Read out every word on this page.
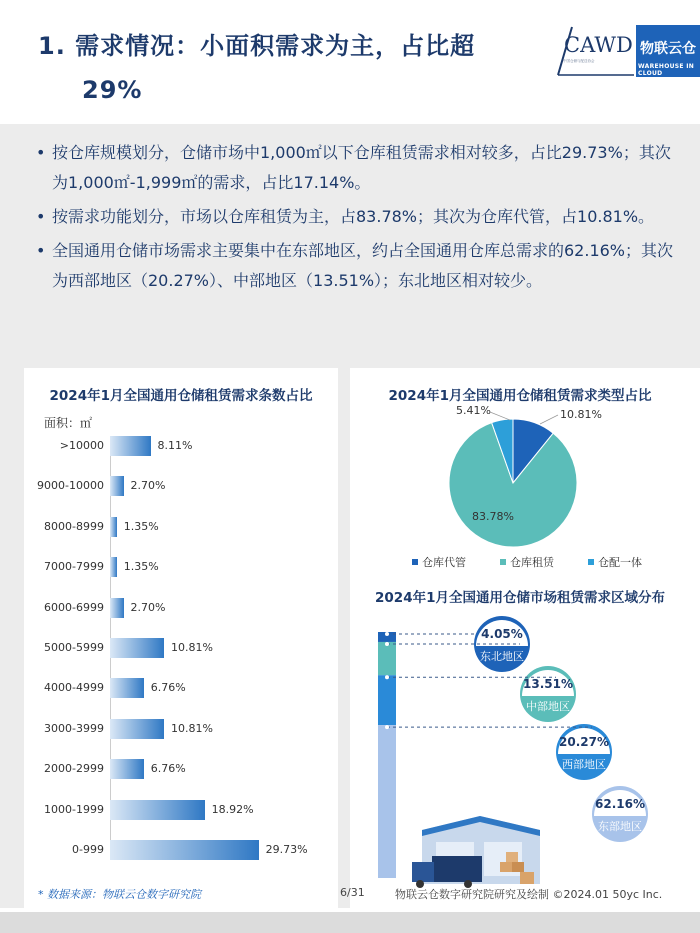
1. 需求情况：小面积需求为主，占比超
29%
CAWD
中国仓储与配送协会
物联云仓
WAREHOUSE IN CLOUD
• 按仓库规模划分，仓储市场中1,000㎡以下仓库租赁需求相对较多，占比29.73%；其次为1,000㎡-1,999㎡的需求，占比17.14%。
• 按需求功能划分，市场以仓库租赁为主，占83.78%；其次为仓库代管，占10.81%。
• 全国通用仓储市场需求主要集中在东部地区，约占全国通用仓库总需求的62.16%；其次为西部地区（20.27%）、中部地区（13.51%）；东北地区相对较少。
2024年1月全国通用仓储租赁需求条数占比
面积：㎡
>10000	8.11%
9000-10000 2.70%
8000-8999 1.35%
7000-7999 1.35%
6000-6999 2.70%
5000-5999	10.81%
4000-4999	6.76%
3000-3999	10.81%
2000-2999	6.76%
1000-1999	18.92%
0-999	29.73%
2024年1月全国通用仓储租赁需求类型占比
10.81%
83.78%
5.41%
仓库代管	仓库租赁	仓配一体
2024年1月全国通用仓储市场租赁需求区域分布
4.05%
东北地区
13.51%
中部地区
20.27%
西部地区
62.16%
东部地区
* 数据来源：物联云仓数字研究院	6/31	物联云仓数字研究院研究及绘制 ©2024.01 50yc Inc.
